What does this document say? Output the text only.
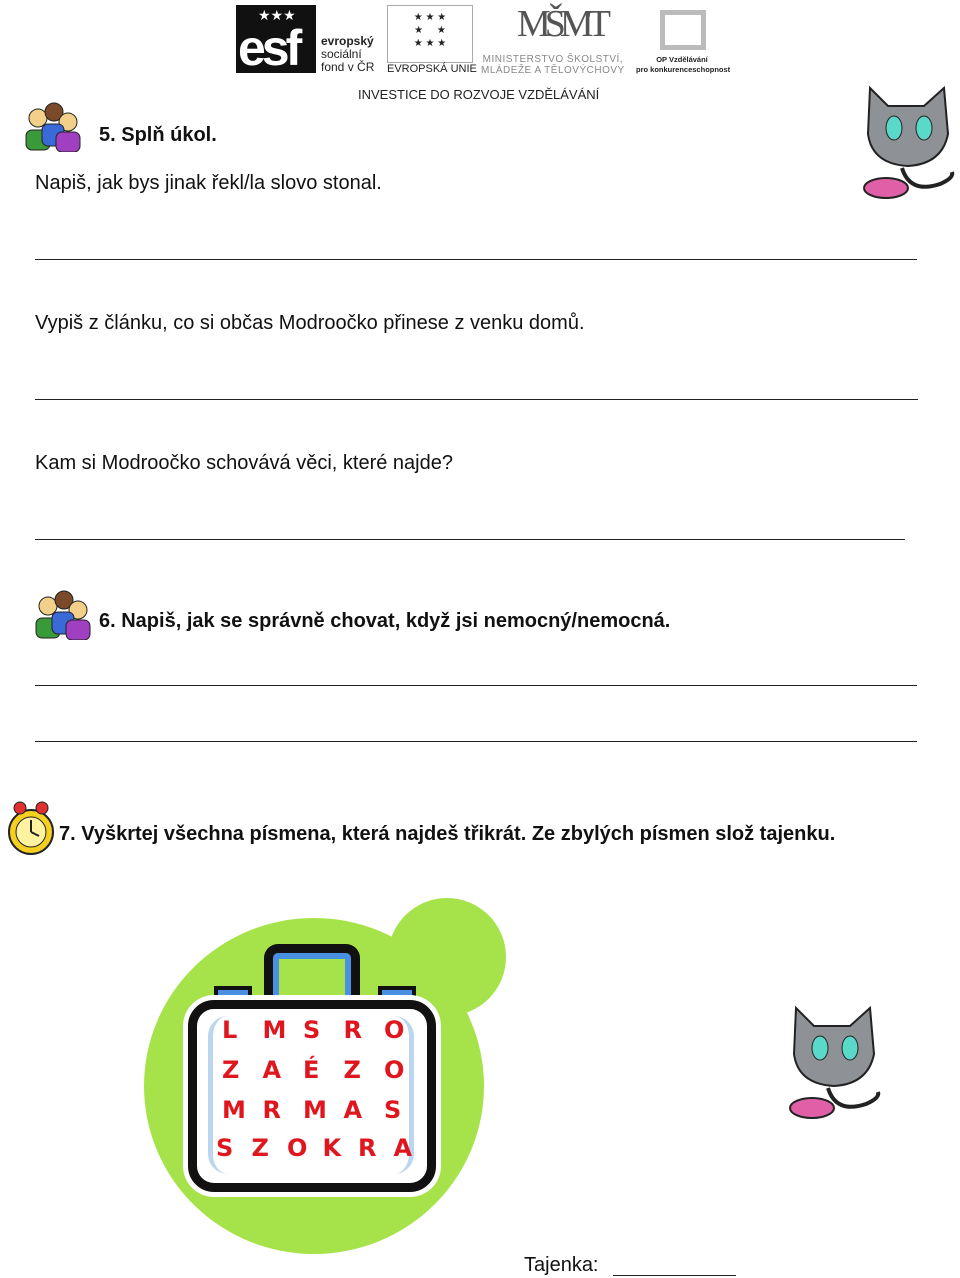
esf
★★★
evropský
sociální
fond v ČR
★ ★ ★
★     ★
★ ★ ★
EVROPSKÁ UNIE
MŠMT
MINISTERSTVO ŠKOLSTVÍ,
MLÁDEŽE A TĚLOVÝCHOVY
OP Vzdělávání
pro konkurenceschopnost
INVESTICE DO ROZVOJE VZDĚLÁVÁNÍ
5. Splň úkol.
Napiš, jak bys jinak řekl/la slovo stonal.
Vypiš z článku, co si občas Modroočko přinese z venku domů.
Kam si Modroočko schovává věci, které najde?
6. Napiš, jak se správně chovat, když jsi nemocný/nemocná.
7. Vyškrtej všechna písmena, která najdeš třikrát. Ze zbylých písmen slož tajenku.
L M S R O
Z A É Z O
M R M A S
S Z O K R A
Tajenka:
